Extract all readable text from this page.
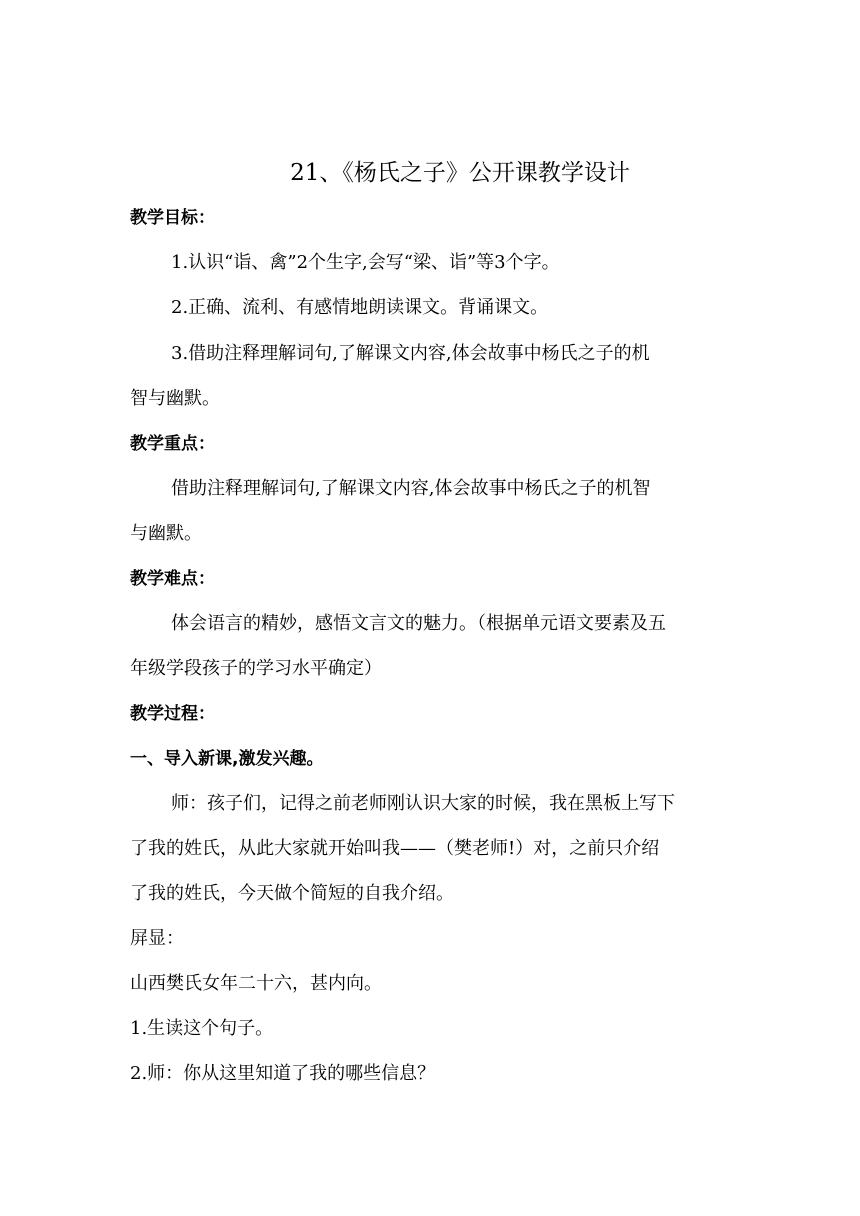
21、《杨氏之子》公开课教学设计
教学目标：
1.认识“诣、禽”2个生字,会写“梁、诣”等3个字。
2.正确、流利、有感情地朗读课文。背诵课文。
3.借助注释理解词句,了解课文内容,体会故事中杨氏之子的机
智与幽默。
教学重点：
借助注释理解词句,了解课文内容,体会故事中杨氏之子的机智
与幽默。
教学难点：
体会语言的精妙，感悟文言文的魅力。（根据单元语文要素及五
年级学段孩子的学习水平确定）
教学过程：
一、导入新课,激发兴趣。
师：孩子们，记得之前老师刚认识大家的时候，我在黑板上写下
了我的姓氏，从此大家就开始叫我——（樊老师!）对，之前只介绍
了我的姓氏，今天做个简短的自我介绍。
屏显：
山西樊氏女年二十六，甚内向。
1.生读这个句子。
2.师：你从这里知道了我的哪些信息？
